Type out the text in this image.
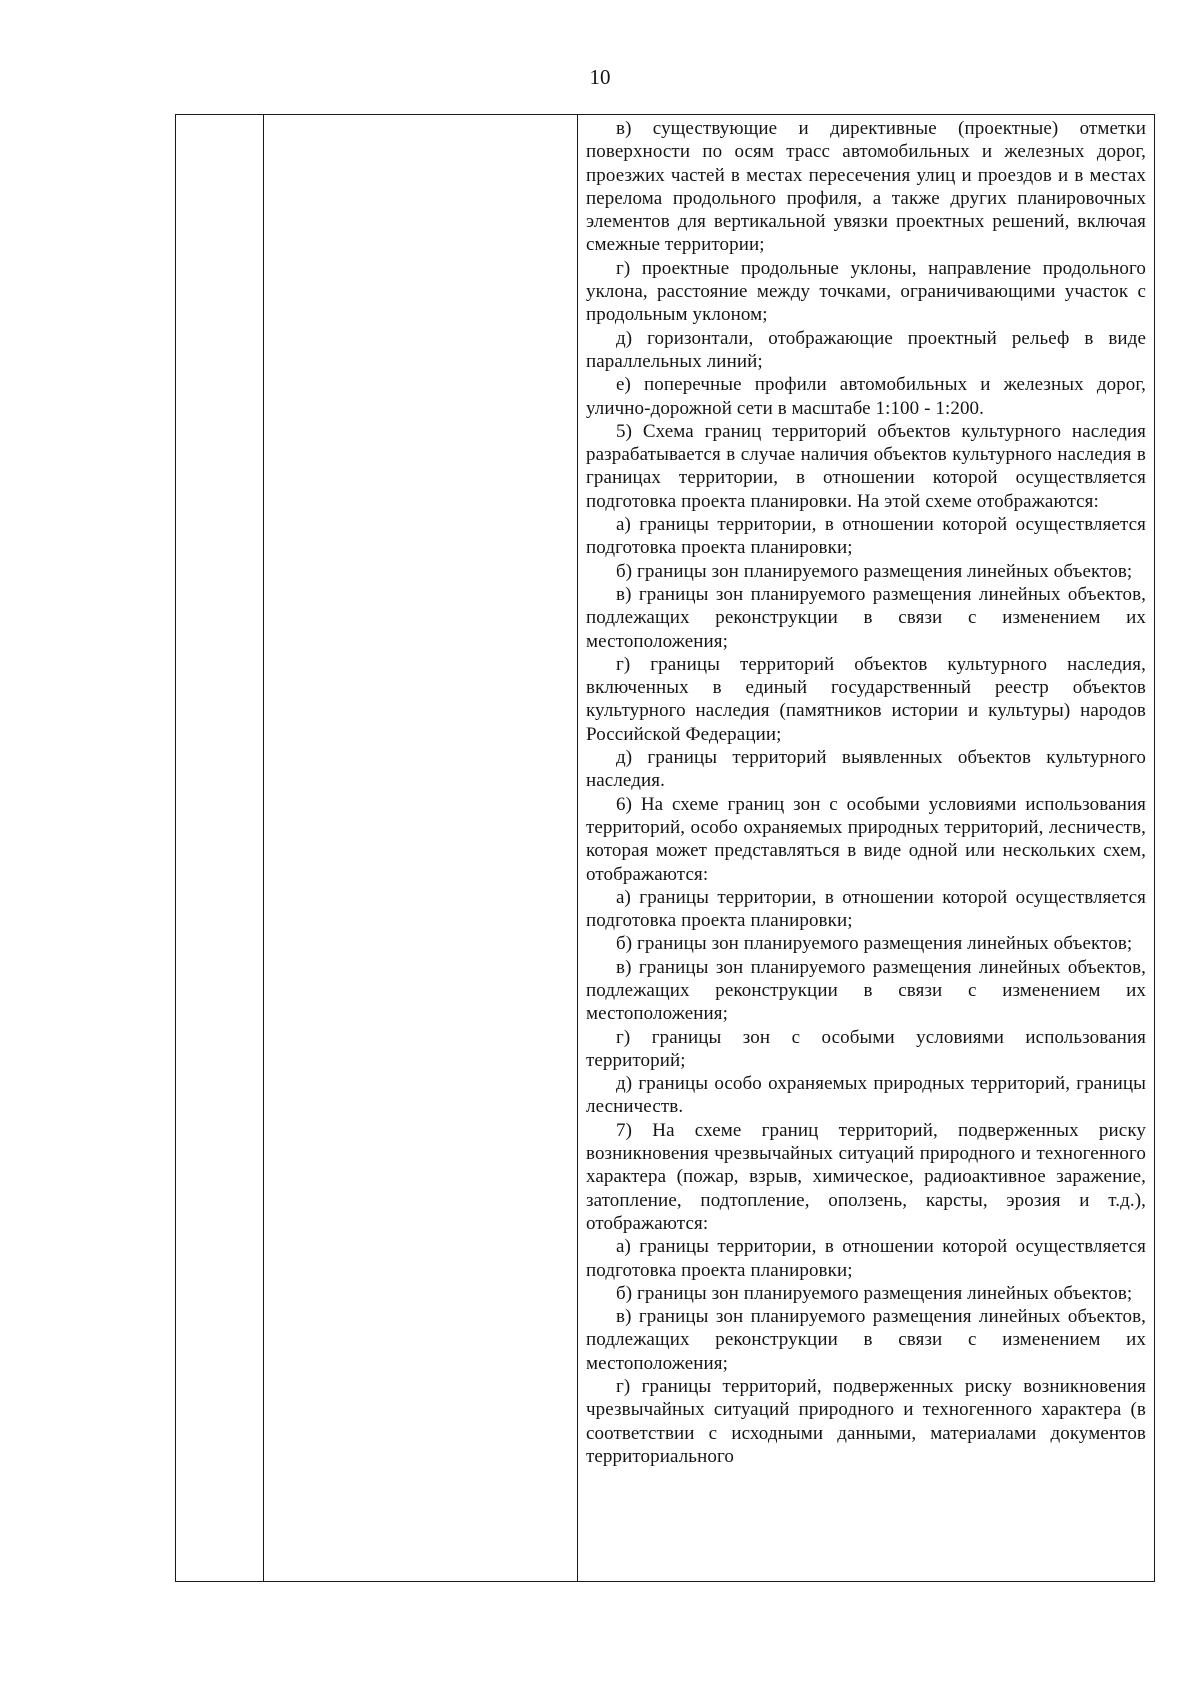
10

в) существующие и директивные (проектные) отметки поверхности по осям трасс автомобильных и железных дорог, проезжих частей в местах пересечения улиц и проездов и в местах перелома продольного профиля, а также других планировочных элементов для вертикальной увязки проектных решений, включая смежные территории;

г) проектные продольные уклоны, направление продольного уклона, расстояние между точками, ограничивающими участок с продольным уклоном;

д) горизонтали, отображающие проектный рельеф в виде параллельных линий;

е) поперечные профили автомобильных и железных дорог, улично-дорожной сети в масштабе 1:100 - 1:200.

5) Схема границ территорий объектов культурного наследия разрабатывается в случае наличия объектов культурного наследия в границах территории, в отношении которой осуществляется подготовка проекта планировки. На этой схеме отображаются:

а) границы территории, в отношении которой осуществляется подготовка проекта планировки;

б) границы зон планируемого размещения линейных объектов;

в) границы зон планируемого размещения линейных объектов, подлежащих реконструкции в связи с изменением их местоположения;

г) границы территорий объектов культурного наследия, включенных в единый государственный реестр объектов культурного наследия (памятников истории и культуры) народов Российской Федерации;

д) границы территорий выявленных объектов культурного наследия.

6) На схеме границ зон с особыми условиями использования территорий, особо охраняемых природных территорий, лесничеств, которая может представляться в виде одной или нескольких схем, отображаются:

а) границы территории, в отношении которой осуществляется подготовка проекта планировки;

б) границы зон планируемого размещения линейных объектов;

в) границы зон планируемого размещения линейных объектов, подлежащих реконструкции в связи с изменением их местоположения;

г) границы зон с особыми условиями использования территорий;

д) границы особо охраняемых природных территорий, границы лесничеств.

7) На схеме границ территорий, подверженных риску возникновения чрезвычайных ситуаций природного и техногенного характера (пожар, взрыв, химическое, радиоактивное заражение, затопление, подтопление, оползень, карсты, эрозия и т.д.), отображаются:

а) границы территории, в отношении которой осуществляется подготовка проекта планировки;

б) границы зон планируемого размещения линейных объектов;

в) границы зон планируемого размещения линейных объектов, подлежащих реконструкции в связи с изменением их местоположения;

г) границы территорий, подверженных риску возникновения чрезвычайных ситуаций природного и техногенного характера (в соответствии с исходными данными, материалами документов территориального
